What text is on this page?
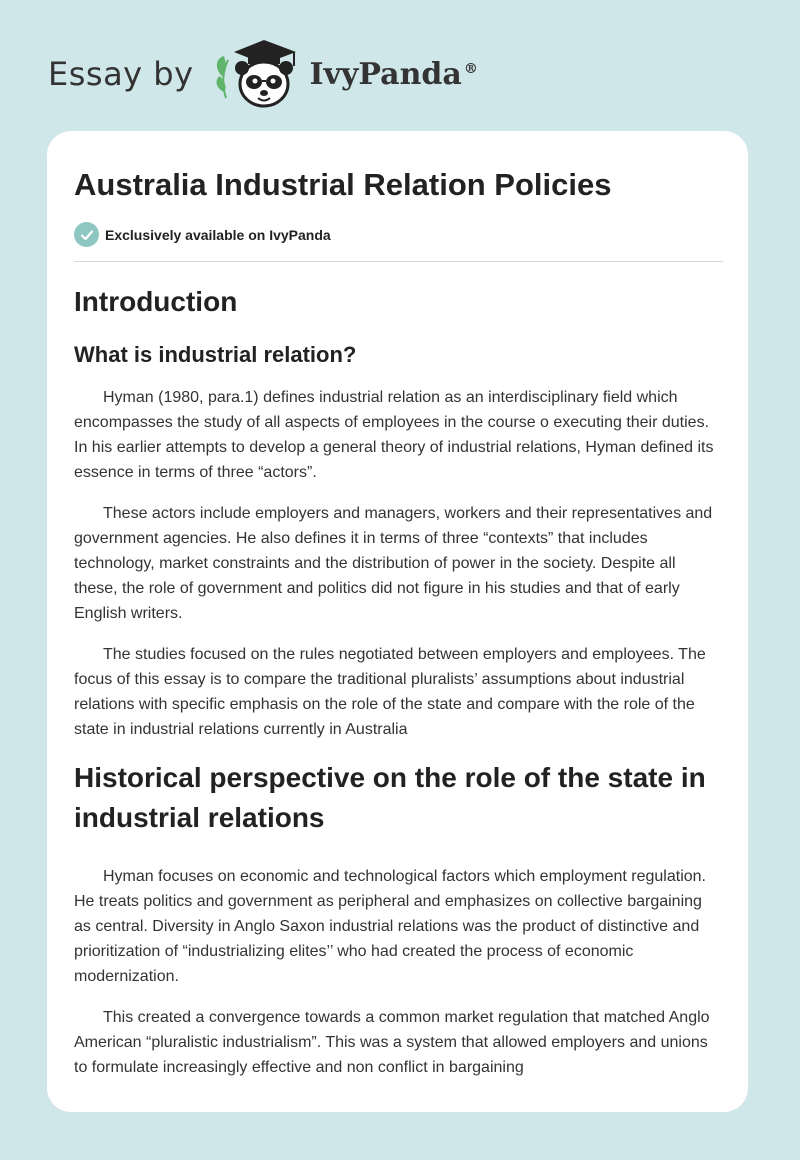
Essay by	IvyPanda ®
Australia Industrial Relation Policies
Exclusively available on IvyPanda
Introduction
What is industrial relation?

Hyman (1980, para.1) defines industrial relation as an interdisciplinary field which encompasses the study of all aspects of employees in the course o executing their duties. In his earlier attempts to develop a general theory of industrial relations, Hyman defined its essence in terms of three “actors”.

These actors include employers and managers, workers and their representatives and government agencies. He also defines it in terms of three “contexts” that includes technology, market constraints and the distribution of power in the society. Despite all these, the role of government and politics did not figure in his studies and that of early English writers.

The studies focused on the rules negotiated between employers and employees. The focus of this essay is to compare the traditional pluralists’ assumptions about industrial relations with specific emphasis on the role of the state and compare with the role of the state in industrial relations currently in Australia

Historical perspective on the role of the state in industrial relations

Hyman focuses on economic and technological factors which employment regulation. He treats politics and government as peripheral and emphasizes on collective bargaining as central. Diversity in Anglo Saxon industrial relations was the product of distinctive and prioritization of “industrializing elites’’ who had created the process of economic modernization.

This created a convergence towards a common market regulation that matched Anglo American “pluralistic industrialism”. This was a system that allowed employers and unions to formulate increasingly effective and non conflict in bargaining
